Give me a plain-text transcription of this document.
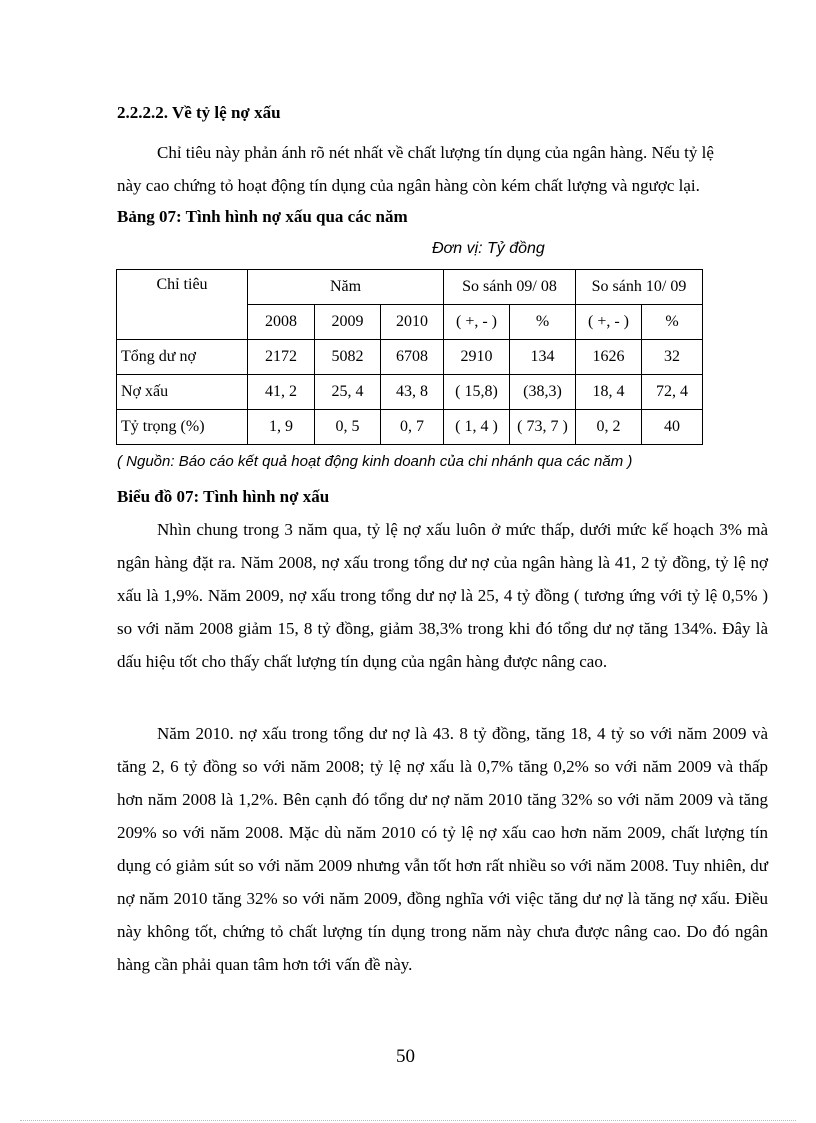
2.2.2.2. Về tỷ lệ nợ xấu

Chỉ tiêu này phản ánh rõ nét nhất về chất lượng tín dụng của ngân hàng. Nếu tỷ lệ
này cao chứng tỏ hoạt động tín dụng của ngân hàng còn kém chất lượng và ngược lại.

Bảng 07: Tình hình nợ xấu qua các năm
Đơn vị: Tỷ đồng
Chỉ tiêu	Năm			So sánh 09/ 08		So sánh 10/ 09	
	2008	2009	2010	( +, - )	%	( +, - )	%
Tổng dư nợ	2172	5082	6708	2910	134	1626	32
Nợ xấu	41, 2	25, 4	43, 8	( 15,8)	(38,3)	18, 4	72, 4
Tỷ trọng (%)	1, 9	0, 5	0, 7	( 1, 4 )	( 73, 7 )	0, 2	40
( Nguồn: Báo cáo kết quả hoạt động kinh doanh của chi nhánh qua các năm )
Biểu đồ 07: Tình hình nợ xấu

Nhìn chung trong 3 năm qua, tỷ lệ nợ xấu luôn ở mức thấp, dưới mức kế hoạch 3% mà ngân hàng đặt ra. Năm 2008, nợ xấu trong tổng dư nợ của ngân hàng là 41, 2 tỷ đồng, tỷ lệ nợ xấu là 1,9%. Năm 2009, nợ xấu trong tổng dư nợ là 25, 4 tỷ đồng ( tương ứng với tỷ lệ 0,5% ) so với năm 2008 giảm 15, 8 tỷ đồng, giảm 38,3% trong khi đó tổng dư nợ tăng 134%. Đây là dấu hiệu tốt cho thấy chất lượng tín dụng của ngân hàng được nâng cao.

Năm 2010. nợ xấu trong tổng dư nợ là 43. 8 tỷ đồng, tăng 18, 4 tỷ so với năm 2009 và tăng 2, 6 tỷ đồng so với năm 2008; tỷ lệ nợ xấu là 0,7% tăng 0,2% so với năm 2009 và thấp hơn năm 2008 là 1,2%. Bên cạnh đó tổng dư nợ năm 2010 tăng 32% so với năm 2009 và tăng 209% so với năm 2008. Mặc dù năm 2010 có tỷ lệ nợ xấu cao hơn năm 2009, chất lượng tín dụng có giảm sút so với năm 2009 nhưng vẫn tốt hơn rất nhiều so với năm 2008. Tuy nhiên, dư nợ năm 2010 tăng 32% so với năm 2009, đồng nghĩa với việc tăng dư nợ là tăng nợ xấu. Điều này không tốt, chứng tỏ chất lượng tín dụng trong năm này chưa được nâng cao. Do đó ngân hàng cần phải quan tâm hơn tới vấn đề này.

50
